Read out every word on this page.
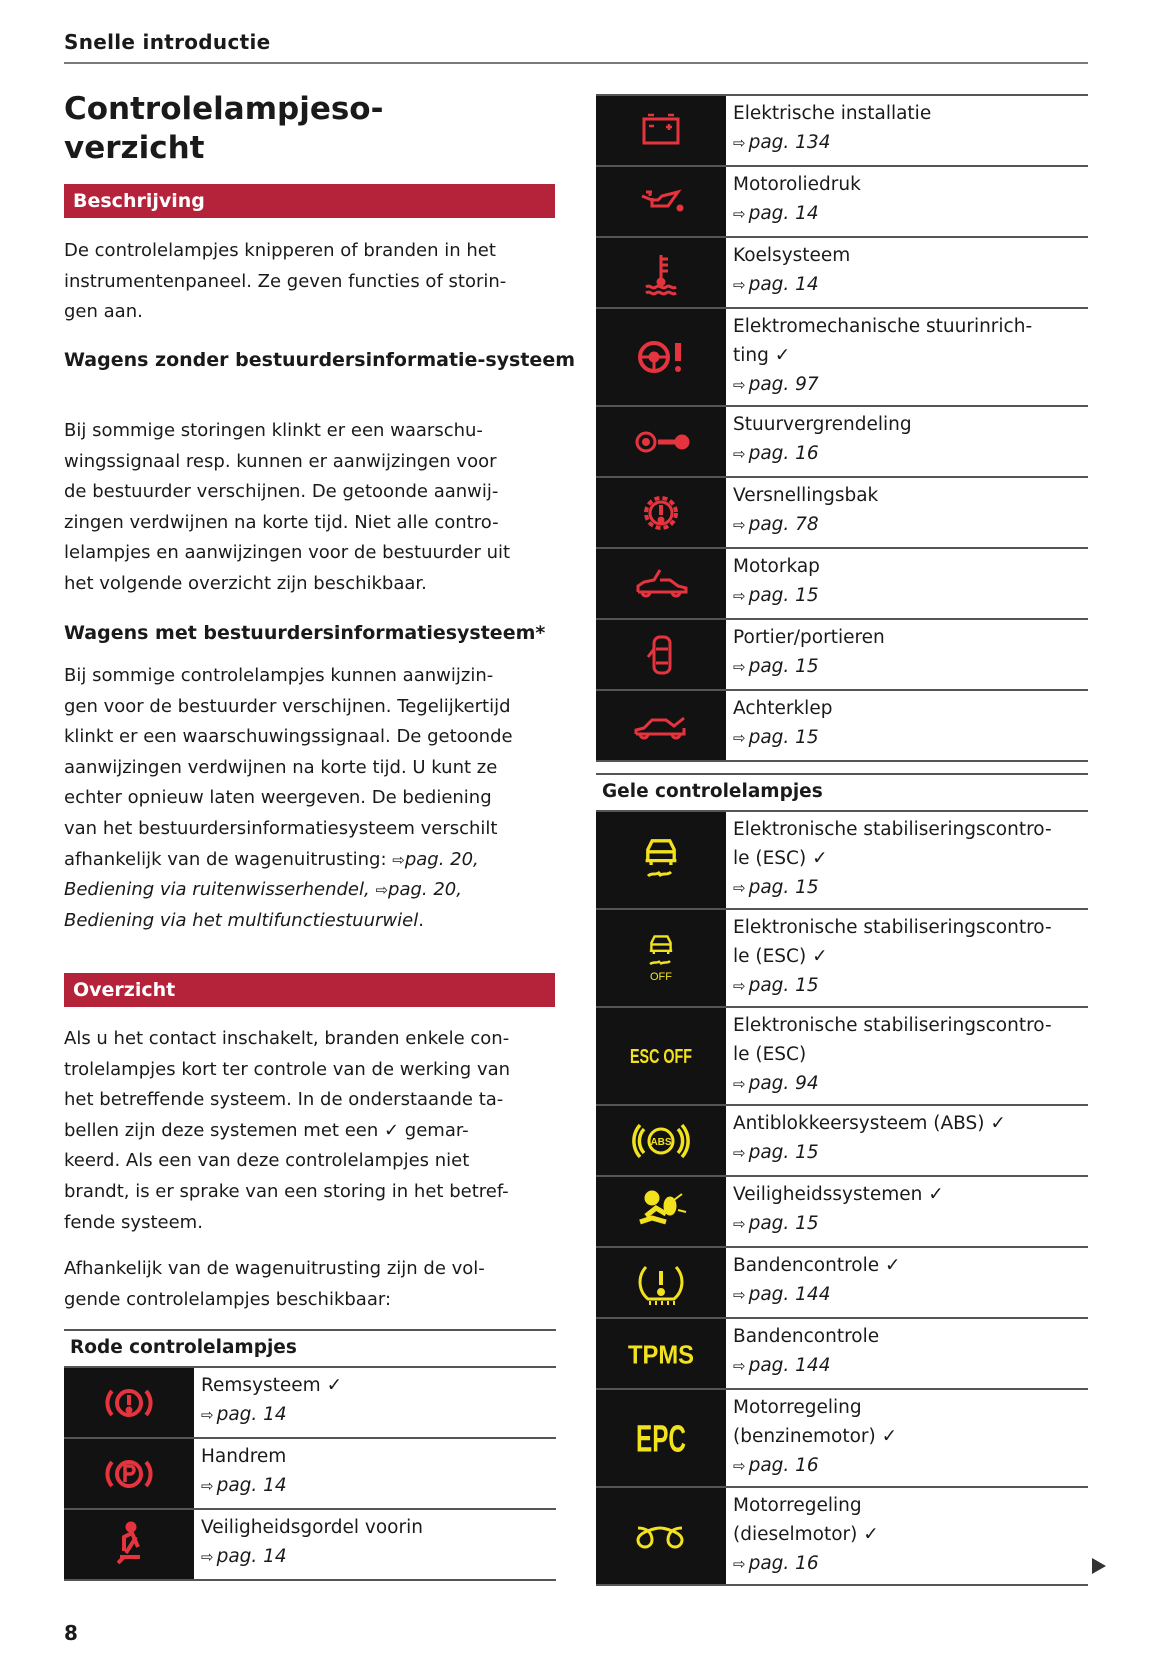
Snelle introductie
Controlelampjeso-
verzicht
Beschrijving
De controlelampjes knipperen of branden in het
instrumentenpaneel. Ze geven functies of storin-
gen aan.
Wagens zonder bestuurdersinformatie-systeem
Bij sommige storingen klinkt er een waarschu-
wingssignaal resp. kunnen er aanwijzingen voor
de bestuurder verschijnen. De getoonde aanwij-
zingen verdwijnen na korte tijd. Niet alle contro-
lelampjes en aanwijzingen voor de bestuurder uit
het volgende overzicht zijn beschikbaar.
Wagens met bestuurdersinformatiesysteem*
Bij sommige controlelampjes kunnen aanwijzin-
gen voor de bestuurder verschijnen. Tegelijkertijd
klinkt er een waarschuwingssignaal. De getoonde
aanwijzingen verdwijnen na korte tijd. U kunt ze
echter opnieuw laten weergeven. De bediening
van het bestuurdersinformatiesysteem verschilt
afhankelijk van de wagenuitrusting: ⇨pag. 20,
Bediening via ruitenwisserhendel, ⇨pag. 20,
Bediening via het multifunctiestuurwiel.
Overzicht
Als u het contact inschakelt, branden enkele con-
trolelampjes kort ter controle van de werking van
het betreffende systeem. In de onderstaande ta-
bellen zijn deze systemen met een ✓ gemar-
keerd. Als een van deze controlelampjes niet
brandt, is er sprake van een storing in het betref-
fende systeem.
Afhankelijk van de wagenuitrusting zijn de vol-
gende controlelampjes beschikbaar:
Rode controlelampjes
Remsysteem ✓
⇨ pag. 14
Handrem
⇨ pag. 14
Veiligheidsgordel voorin
⇨ pag. 14
Elektrische installatie
⇨ pag. 134
Motoroliedruk
⇨ pag. 14
Koelsysteem
⇨ pag. 14
Elektromechanische stuurinrich-
ting ✓
⇨ pag. 97
Stuurvergrendeling
⇨ pag. 16
Versnellingsbak
⇨ pag. 78
Motorkap
⇨ pag. 15
Portier/portieren
⇨ pag. 15
Achterklep
⇨ pag. 15
Gele controlelampjes
Elektronische stabiliseringscontro-
le (ESC) ✓
⇨ pag. 15
OFF
Elektronische stabiliseringscontro-
le (ESC) ✓
⇨ pag. 15
ESC OFF
Elektronische stabiliseringscontro-
le (ESC)
⇨ pag. 94
ABS
Antiblokkeersysteem (ABS) ✓
⇨ pag. 15
Veiligheidssystemen ✓
⇨ pag. 15
Bandencontrole ✓
⇨ pag. 144
TPMS
Bandencontrole
⇨ pag. 144
EPC
Motorregeling
(benzinemotor) ✓
⇨ pag. 16
Motorregeling
(dieselmotor) ✓
⇨ pag. 16
8
